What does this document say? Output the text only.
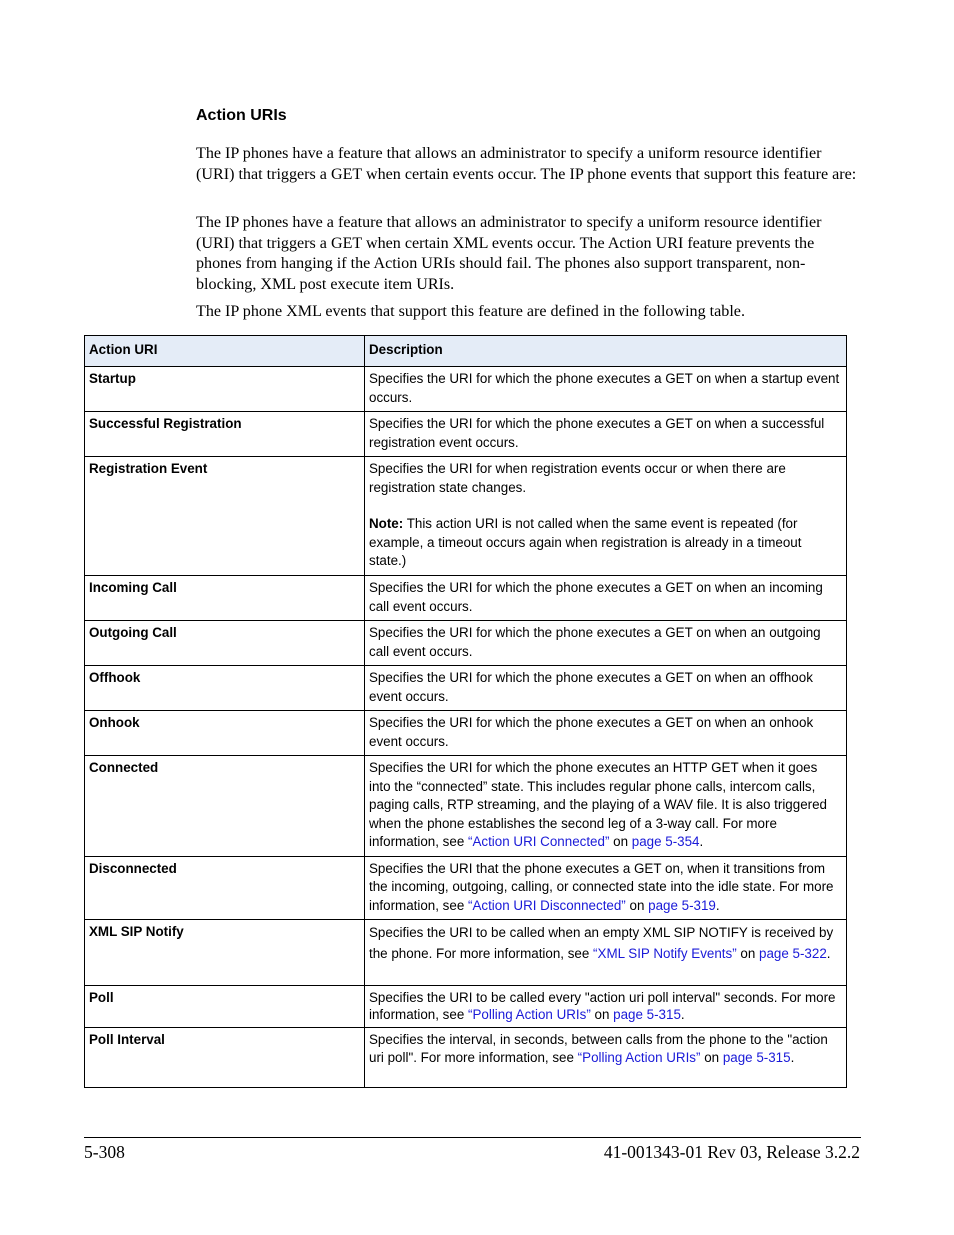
Action URIs

The IP phones have a feature that allows an administrator to specify a uniform resource identifier (URI) that triggers a GET when certain events occur. The IP phone events that support this feature are:

The IP phones have a feature that allows an administrator to specify a uniform resource identifier (URI) that triggers a GET when certain XML events occur. The Action URI feature prevents the phones from hanging if the Action URIs should fail. The phones also support transparent, non-blocking, XML post execute item URIs.

The IP phone XML events that support this feature are defined in the following table.

Action URI	Description
Startup	Specifies the URI for which the phone executes a GET on when a startup event occurs.
Successful Registration	Specifies the URI for which the phone executes a GET on when a successful registration event occurs.
Registration Event	Specifies the URI for when registration events occur or when there are registration state changes.
Note: This action URI is not called when the same event is repeated (for example, a timeout occurs again when registration is already in a timeout state.)

Incoming Call	Specifies the URI for which the phone executes a GET on when an incoming call event occurs.
Outgoing Call	Specifies the URI for which the phone executes a GET on when an outgoing call event occurs.
Offhook	Specifies the URI for which the phone executes a GET on when an offhook event occurs.
Onhook	Specifies the URI for which the phone executes a GET on when an onhook event occurs.
Connected	Specifies the URI for which the phone executes an HTTP GET when it goes into the “connected” state. This includes regular phone calls, intercom calls, paging calls, RTP streaming, and the playing of a WAV file. It is also triggered when the phone establishes the second leg of a 3-way call. For more information, see “Action URI Connected” on page 5-354.
Disconnected	Specifies the URI that the phone executes a GET on, when it transitions from the incoming, outgoing, calling, or connected state into the idle state. For more information, see “Action URI Disconnected” on page 5-319.
XML SIP Notify	Specifies the URI to be called when an empty XML SIP NOTIFY is received by the phone. For more information, see “XML SIP Notify Events” on page 5-322.
Poll	Specifies the URI to be called every "action uri poll interval" seconds. For more information, see “Polling Action URIs” on page 5-315.
Poll Interval	Specifies the interval, in seconds, between calls from the phone to the "action uri poll". For more information, see “Polling Action URIs” on page 5-315.
5-308	41-001343-01 Rev 03, Release 3.2.2
